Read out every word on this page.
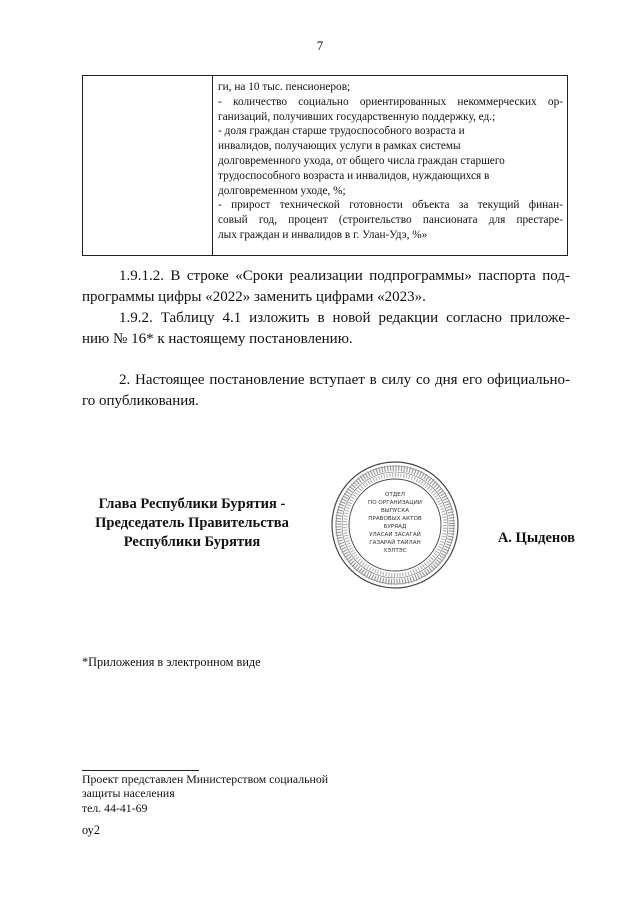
7
ги, на 10 тыс. пенсионеров;
- количество социально ориентированных некоммерческих ор-
ганизаций, получивших государственную поддержку, ед.;
- доля граждан старше трудоспособного возраста и
инвалидов, получающих услуги в рамках системы
долговременного ухода, от общего числа граждан старшего
трудоспособного возраста и инвалидов, нуждающихся в
долговременном уходе, %;
- прирост технической готовности объекта за текущий финан-
совый год, процент (строительство пансионата для престаре-
лых граждан и инвалидов в г. Улан-Удэ, %»
1.9.1.2. В строке «Сроки реализации подпрограммы» паспорта под-
программы цифры «2022» заменить цифрами «2023».
1.9.2. Таблицу 4.1 изложить в новой редакции согласно приложе-
нию № 16* к настоящему постановлению.
2. Настоящее постановление вступает в силу со дня его официально-
го опубликования.
Глава Республики Бурятия -
Председатель Правительства
Республики Бурятия
ОТДЕЛ
ПО ОРГАНИЗАЦИИ
ВЫПУСКА
ПРАВОВЫХ АКТОВ
БУРЯАД
УЛАСАЙ ЗАСАГАЙ
ГАЗАРАЙ ТАЙЛАН
ХЭЛТЭС
А. Цыденов
*Приложения в электронном виде
Проект представлен Министерством социальной
защиты населения
тел. 44-41-69
оу2
